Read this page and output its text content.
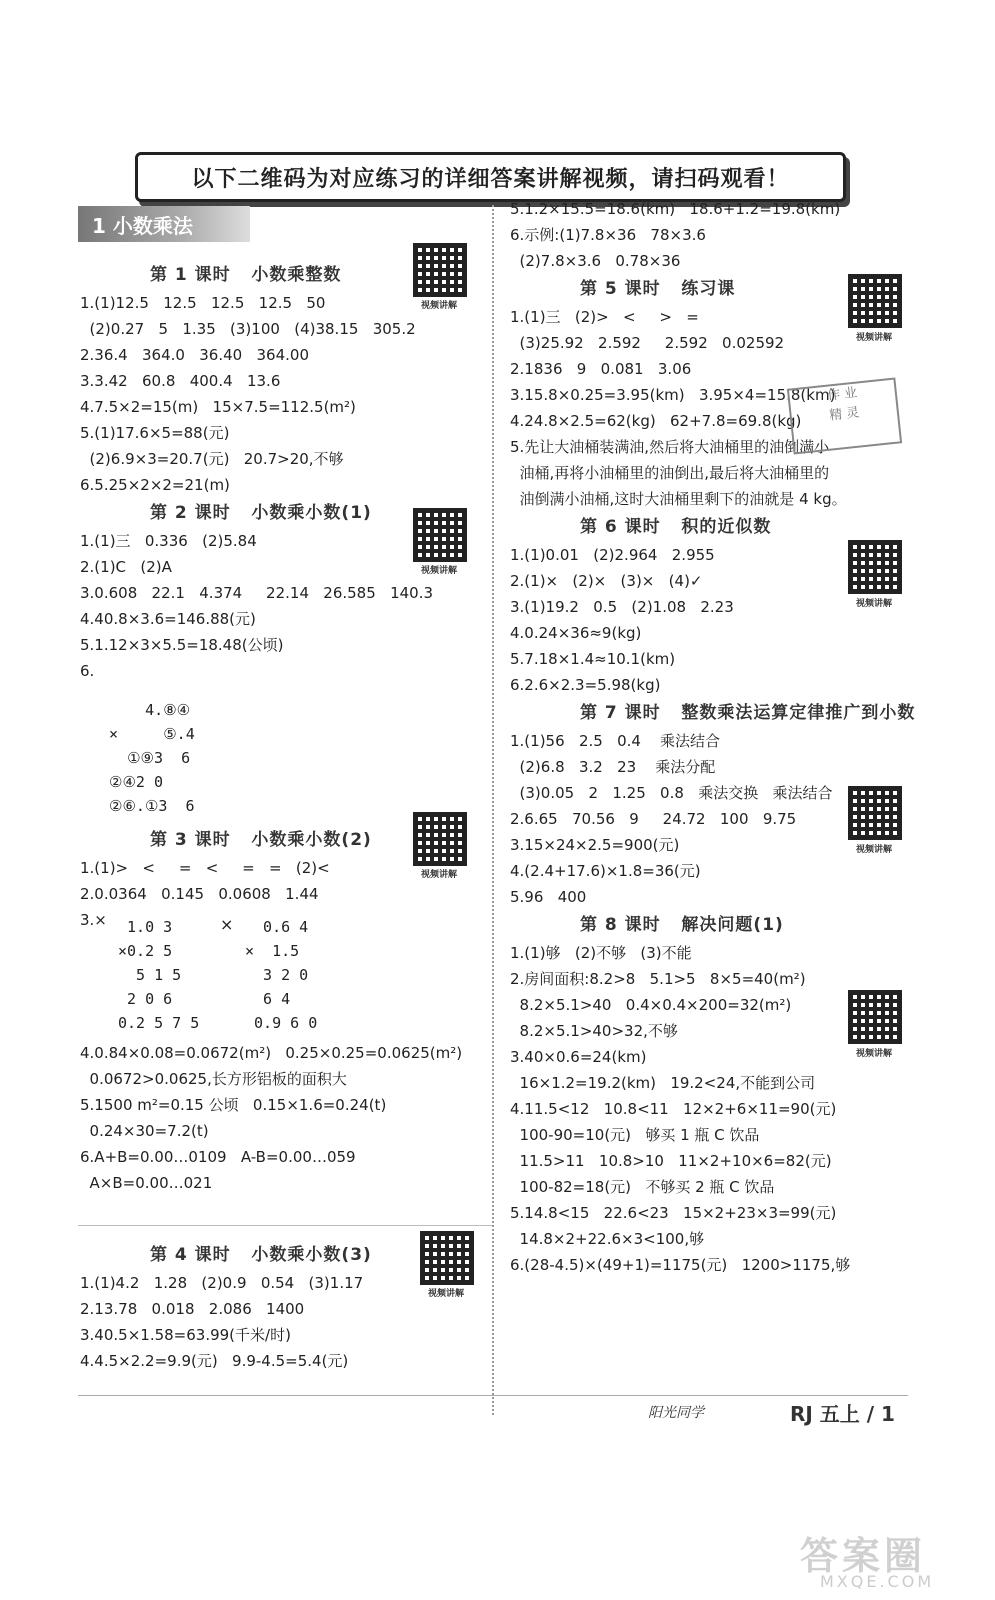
以下二维码为对应练习的详细答案讲解视频，请扫码观看！
1 小数乘法
第 1 课时   小数乘整数
1.(1)12.5   12.5   12.5   12.5   50
(2)0.27   5   1.35   (3)100   (4)38.15   305.2
2.36.4   364.0   36.40   364.00
3.3.42   60.8   400.4   13.6
4.7.5×2=15(m)   15×7.5=112.5(m²)
5.(1)17.6×5=88(元)
(2)6.9×3=20.7(元)   20.7>20,不够
6.5.25×2×2=21(m)
第 2 课时   小数乘小数(1)
1.(1)三   0.336   (2)5.84
2.(1)C   (2)A
3.0.608   22.1   4.374     22.14   26.585   140.3
4.40.8×3.6=146.88(元)
5.1.12×3×5.5=18.48(公顷)
6.
4.⑧④
×     ⑤.4
①⑨3  6
②④2 0
②⑥.①3  6
第 3 课时   小数乘小数(2)
1.(1)>   <     =   <     =   =   (2)<
2.0.0364   0.145   0.0608   1.44
3.×	1.0 3
×0.2 5
5 1 5
2 0 6
0.2 5 7 5
×	0.6 4
×  1.5
3 2 0
6 4
0.9 6 0
4.0.84×0.08=0.0672(m²)   0.25×0.25=0.0625(m²)
0.0672>0.0625,长方形铝板的面积大
5.1500 m²=0.15 公顷   0.15×1.6=0.24(t)
0.24×30=7.2(t)
6.A+B=0.00…0109   A-B=0.00…059
A×B=0.00…021
第 4 课时   小数乘小数(3)
1.(1)4.2   1.28   (2)0.9   0.54   (3)1.17
2.13.78   0.018   2.086   1400
3.40.5×1.58=63.99(千米/时)
4.4.5×2.2=9.9(元)   9.9-4.5=5.4(元)
5.1.2×15.5=18.6(km)   18.6+1.2=19.8(km)
6.示例:(1)7.8×36   78×3.6
(2)7.8×3.6   0.78×36
第 5 课时   练习课
1.(1)三   (2)>   <     >   =
(3)25.92   2.592     2.592   0.02592
2.1836   9   0.081   3.06
3.15.8×0.25=3.95(km)   3.95×4=15.8(km)
4.24.8×2.5=62(kg)   62+7.8=69.8(kg)
5.先让大油桶装满油,然后将大油桶里的油倒满小
油桶,再将小油桶里的油倒出,最后将大油桶里的
油倒满小油桶,这时大油桶里剩下的油就是 4 kg。
第 6 课时   积的近似数
1.(1)0.01   (2)2.964   2.955
2.(1)×   (2)×   (3)×   (4)✓
3.(1)19.2   0.5   (2)1.08   2.23
4.0.24×36≈9(kg)
5.7.18×1.4≈10.1(km)
6.2.6×2.3=5.98(kg)
第 7 课时   整数乘法运算定律推广到小数
1.(1)56   2.5   0.4    乘法结合
(2)6.8   3.2   23    乘法分配
(3)0.05   2   1.25   0.8   乘法交换   乘法结合
2.6.65   70.56   9     24.72   100   9.75
3.15×24×2.5=900(元)
4.(2.4+17.6)×1.8=36(元)
5.96   400
第 8 课时   解决问题(1)
1.(1)够   (2)不够   (3)不能
2.房间面积:8.2>8   5.1>5   8×5=40(m²)
8.2×5.1>40   0.4×0.4×200=32(m²)
8.2×5.1>40>32,不够
3.40×0.6=24(km)
16×1.2=19.2(km)   19.2<24,不能到公司
4.11.5<12   10.8<11   12×2+6×11=90(元)
100-90=10(元)   够买 1 瓶 C 饮品
11.5>11   10.8>10   11×2+10×6=82(元)
100-82=18(元)   不够买 2 瓶 C 饮品
5.14.8<15   22.6<23   15×2+23×3=99(元)
14.8×2+22.6×3<100,够
6.(28-4.5)×(49+1)=1175(元)   1200>1175,够
视频讲解
视频讲解
视频讲解
视频讲解
视频讲解
视频讲解
视频讲解
视频讲解
作 业
精 灵
阳光同学	RJ 五上 / 1
答案圈
MXQE.COM
